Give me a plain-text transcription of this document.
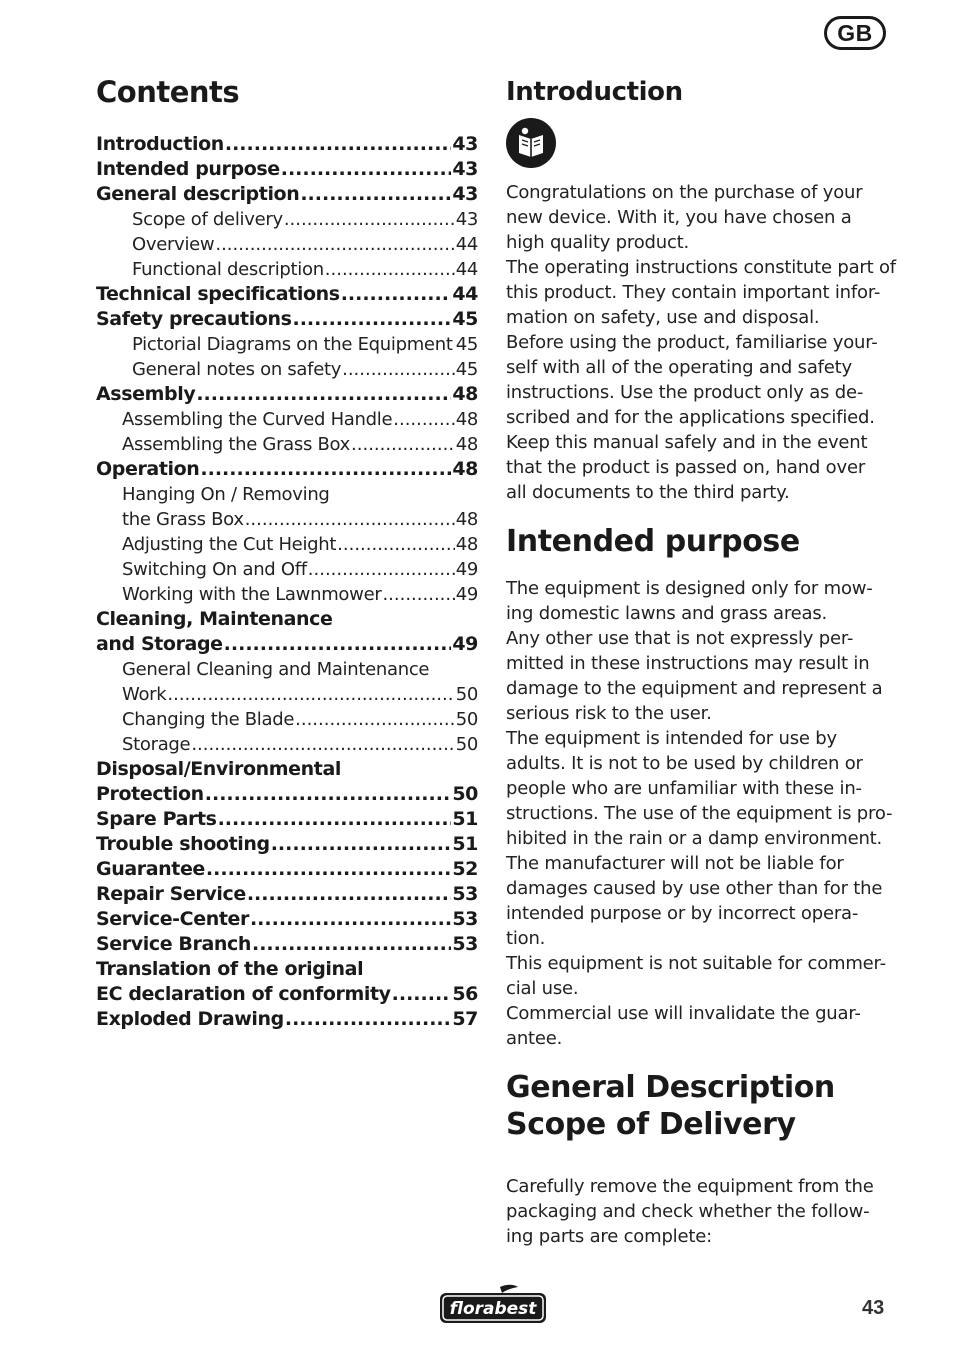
GB
Contents
Introduction .....	43
Intended purpose .....	43
General description .....	43
Scope of delivery .....	43
Overview .....	44
Functional description .....	44
Technical specifications .....	44
Safety precautions .....	45
Pictorial Diagrams on the Equipment ..... 45
General notes on safety .....	45
Assembly .....	48
Assembling the Curved Handle .....	48
Assembling the Grass Box .....	48
Operation .....	48
Hanging On / Removing
the Grass Box .....	48
Adjusting the Cut Height .....	48
Switching On and Off .....	49
Working with the Lawnmower .....	49
Cleaning, Maintenance
and Storage .....	49
General Cleaning and Maintenance
Work .....	50
Changing the Blade .....	50
Storage .....	50
Disposal/Environmental
Protection .....	50
Spare Parts .....	51
Trouble shooting .....	51
Guarantee .....	52
Repair Service .....	53
Service-Center .....	53
Service Branch .....	53
Translation of the original
EC declaration of conformity .....	56
Exploded Drawing .....	57
Introduction

Congratulations on the purchase of your

new device. With it, you have chosen a

high quality product.

The operating instructions constitute part of

this product. They contain important infor-

mation on safety, use and disposal.

Before using the product, familiarise your-

self with all of the operating and safety

instructions. Use the product only as de-

scribed and for the applications specified.

Keep this manual safely and in the event

that the product is passed on, hand over

all documents to the third party.

Intended purpose

The equipment is designed only for mow-

ing domestic lawns and grass areas.

Any other use that is not expressly per-

mitted in these instructions may result in

damage to the equipment and represent a

serious risk to the user.

The equipment is intended for use by

adults. It is not to be used by children or

people who are unfamiliar with these in-

structions. The use of the equipment is pro-

hibited in the rain or a damp environment.

The manufacturer will not be liable for

damages caused by use other than for the

intended purpose or by incorrect opera-

tion.

This equipment is not suitable for commer-

cial use.

Commercial use will invalidate the guar-

antee.

General Description
Scope of Delivery

Carefully remove the equipment from the

packaging and check whether the follow-

ing parts are complete:

florabest	43
